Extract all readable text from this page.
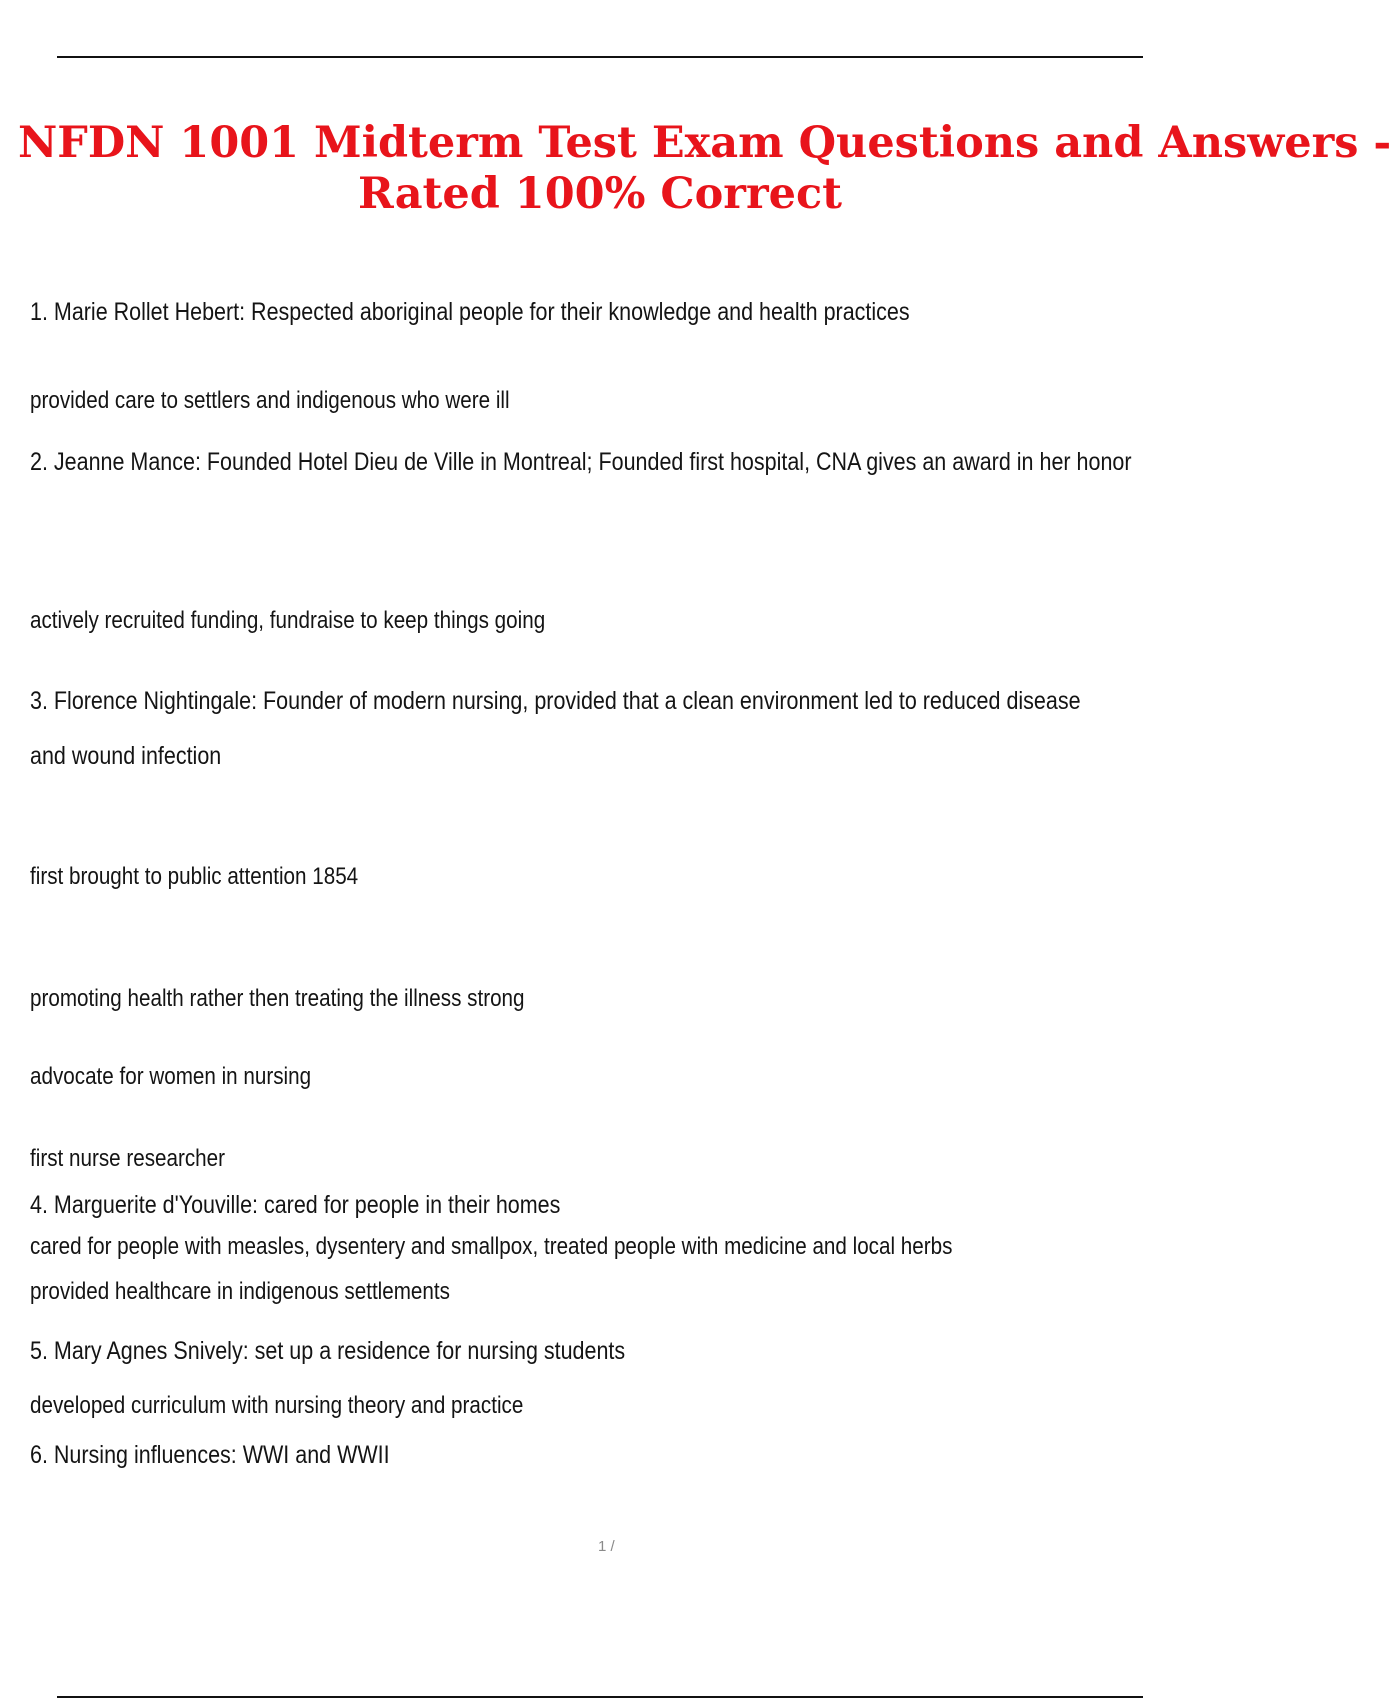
NFDN 1001 Midterm Test Exam Questions and Answers -
Rated 100% Correct

1. Marie Rollet Hebert: Respected aboriginal people for their knowledge and health practices

provided care to settlers and indigenous who were ill

2. Jeanne Mance: Founded Hotel Dieu de Ville in Montreal; Founded first hospital, CNA gives an award in her honor

actively recruited funding, fundraise to keep things going

3. Florence Nightingale: Founder of modern nursing, provided that a clean environment led to reduced disease

and wound infection

first brought to public attention 1854

promoting health rather then treating the illness strong

advocate for women in nursing

first nurse researcher

4. Marguerite d'Youville: cared for people in their homes

cared for people with measles, dysentery and smallpox, treated people with medicine and local herbs

provided healthcare in indigenous settlements

5. Mary Agnes Snively: set up a residence for nursing students

developed curriculum with nursing theory and practice

6. Nursing influences: WWI and WWII

1 /
